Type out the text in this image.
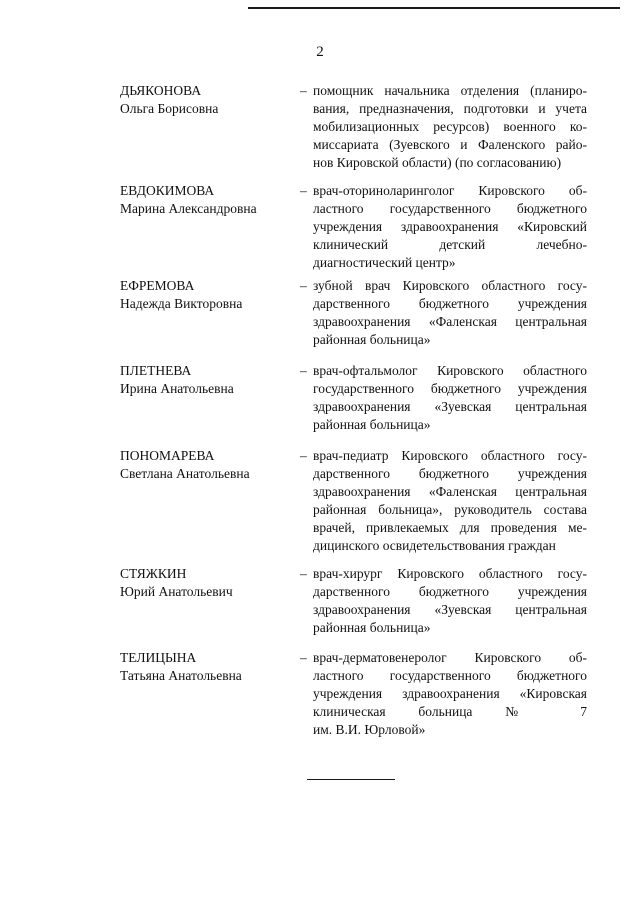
2
ДЬЯКОНОВА
Ольга Борисовна
– помощник начальника отделения (планиро-
вания, предназначения, подготовки и учета
мобилизационных ресурсов) военного ко-
миссариата (Зуевского и Фаленского райо-
нов Кировской области) (по согласованию)
ЕВДОКИМОВА
Марина Александровна
– врач-оториноларинголог Кировского об-
ластного государственного бюджетного
учреждения здравоохранения «Кировский
клинический детский лечебно-
диагностический центр»
ЕФРЕМОВА
Надежда Викторовна
– зубной врач Кировского областного госу-
дарственного бюджетного учреждения
здравоохранения «Фаленская центральная
районная больница»
ПЛЕТНЕВА
Ирина Анатольевна
– врач-офтальмолог Кировского областного
государственного бюджетного учреждения
здравоохранения «Зуевская центральная
районная больница»
ПОНОМАРЕВА
Светлана Анатольевна
– врач-педиатр Кировского областного госу-
дарственного бюджетного учреждения
здравоохранения «Фаленская центральная
районная больница», руководитель состава
врачей, привлекаемых для проведения ме-
дицинского освидетельствования граждан
СТЯЖКИН
Юрий Анатольевич
– врач-хирург Кировского областного госу-
дарственного бюджетного учреждения
здравоохранения «Зуевская центральная
районная больница»
ТЕЛИЦЫНА
Татьяна Анатольевна
– врач-дерматовенеролог Кировского об-
ластного государственного бюджетного
учреждения здравоохранения «Кировская
клиническая больница № 7
им. В.И. Юрловой»
